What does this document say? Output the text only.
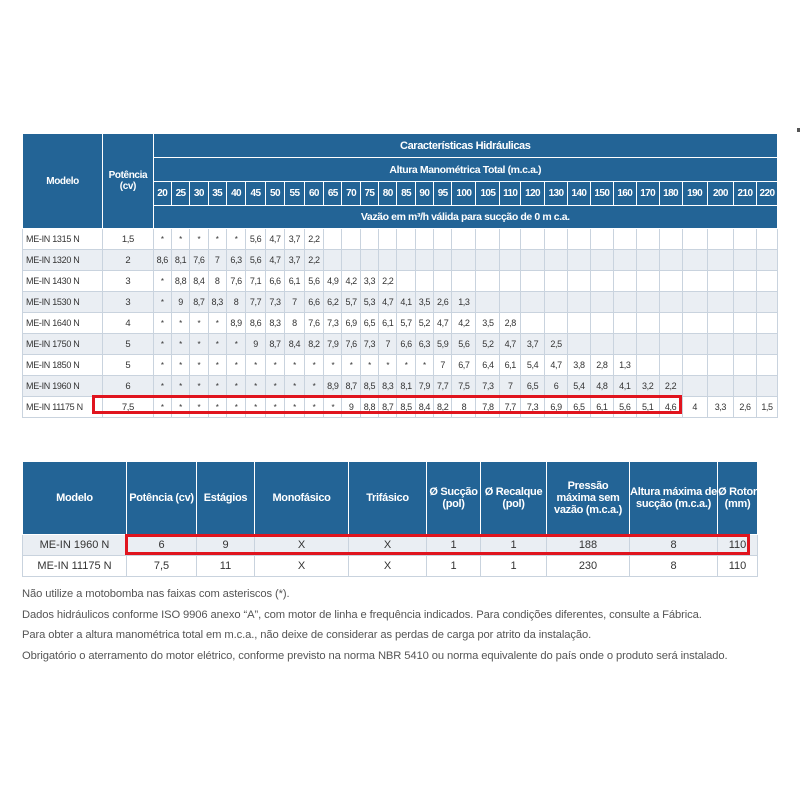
Modelo	Potência (cv)	Características Hidráulicas																													
		Altura Manométrica Total (m.c.a.)																													
		20	25	30	35	40	45	50	55	60	65	70	75	80	85	90	95	100	105	110	120	130	140	150	160	170	180	190	200	210	220
		Vazão em m³/h válida para sucção de 0 m c.a.																													
ME-IN 1315 N	1,5	*	*	*	*	*	5,6	4,7	3,7	2,2																					
ME-IN 1320 N	2	8,6	8,1	7,6	7	6,3	5,6	4,7	3,7	2,2																					
ME-IN 1430 N	3	*	8,8	8,4	8	7,6	7,1	6,6	6,1	5,6	4,9	4,2	3,3	2,2																	
ME-IN 1530 N	3	*	9	8,7	8,3	8	7,7	7,3	7	6,6	6,2	5,7	5,3	4,7	4,1	3,5	2,6	1,3													
ME-IN 1640 N	4	*	*	*	*	8,9	8,6	8,3	8	7,6	7,3	6,9	6,5	6,1	5,7	5,2	4,7	4,2	3,5	2,8											
ME-IN 1750 N	5	*	*	*	*	*	9	8,7	8,4	8,2	7,9	7,6	7,3	7	6,6	6,3	5,9	5,6	5,2	4,7	3,7	2,5									
ME-IN 1850 N	5	*	*	*	*	*	*	*	*	*	*	*	*	*	*	*	7	6,7	6,4	6,1	5,4	4,7	3,8	2,8	1,3						
ME-IN 1960 N	6	*	*	*	*	*	*	*	*	*	8,9	8,7	8,5	8,3	8,1	7,9	7,7	7,5	7,3	7	6,5	6	5,4	4,8	4,1	3,2	2,2				
ME-IN 11175 N	7,5	*	*	*	*	*	*	*	*	*	*	9	8,8	8,7	8,5	8,4	8,2	8	7,8	7,7	7,3	6,9	6,5	6,1	5,6	5,1	4,6	4	3,3	2,6	1,5
Modelo	Potência (cv)	Estágios	Monofásico	Trifásico	Ø Sucção (pol)	Ø Recalque (pol)	Pressão máxima sem vazão (m.c.a.)	Altura máxima de sucção (m.c.a.)	Ø Rotor (mm)
ME-IN 1960 N	6	9	X	X	1	1	188	8	110
ME-IN 11175 N	7,5	11	X	X	1	1	230	8	110

Não utilize a motobomba nas faixas com asteriscos (*).

Dados hidráulicos conforme ISO 9906 anexo “A”, com motor de linha e frequência indicados. Para condições diferentes, consulte a Fábrica.

Para obter a altura manométrica total em m.c.a., não deixe de considerar as perdas de carga por atrito da instalação.

Obrigatório o aterramento do motor elétrico, conforme previsto na norma NBR 5410 ou norma equivalente do país onde o produto será instalado.
